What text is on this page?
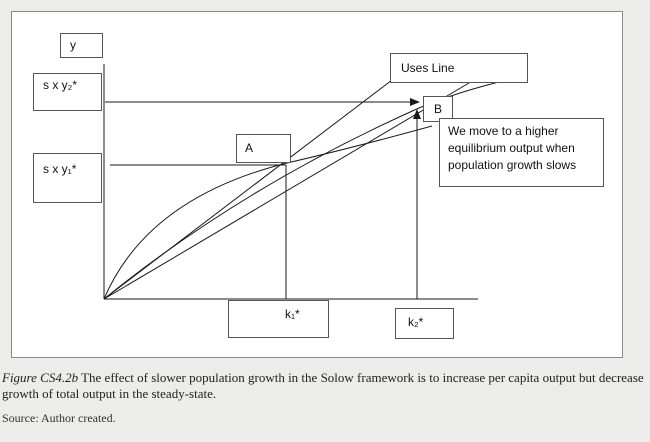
y
s x y₂*
s x y₁*
Uses Line
A
B
We move to a higher
equilibrium output when
population growth slows
k₁*
k₂*
Figure CS4.2b The effect of slower population growth in the Solow framework is to increase per capita output but decrease growth of total output in the steady-state.
Source: Author created.
